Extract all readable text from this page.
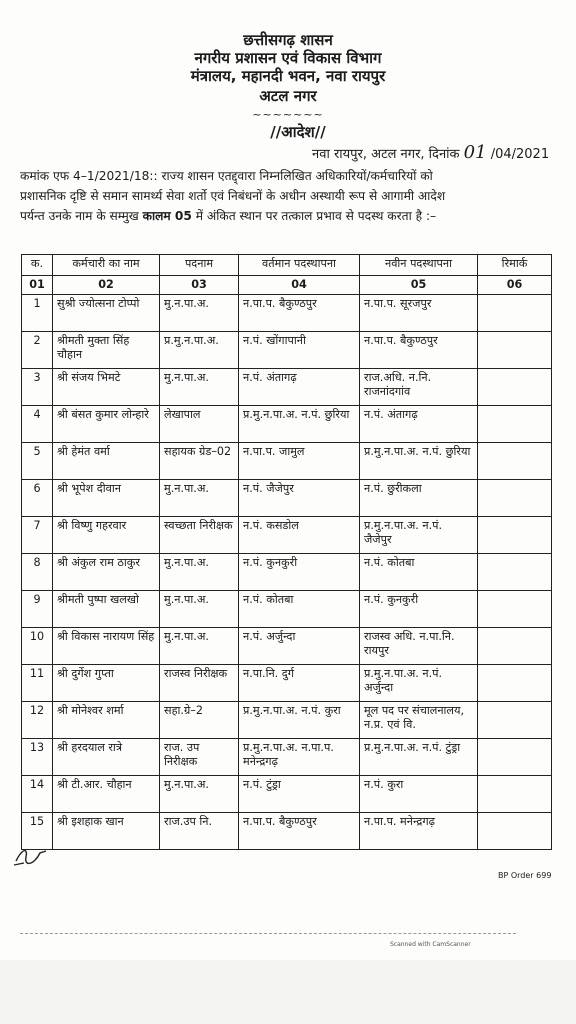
छत्तीसगढ़ शासन
नगरीय प्रशासन एवं विकास विभाग
मंत्रालय, महानदी भवन, नवा रायपुर
अटल नगर
~~~~~~~
//आदेश//
नवा रायपुर, अटल नगर, दिनांक 01 /04/2021
कमांक एफ 4–1/2021/18:: राज्य शासन एतद्द्वारा निम्नलिखित अधिकारियों/कर्मचारियों को
प्रशासनिक दृष्टि से समान सामर्थ्य सेवा शर्तो एवं निबंधनों के अधीन अस्थायी रूप से आगामी आदेश
पर्यन्त उनके नाम के सम्मुख कालम 05 में अंकित स्थान पर तत्काल प्रभाव से पदस्थ करता है :–
क.	कर्मचारी का नाम	पदनाम	वर्तमान पदस्थापना	नवीन पदस्थापना	रिमार्क
01	02	03	04	05	06
1	सुश्री ज्योत्सना टोप्पो	मु.न.पा.अ.	न.पा.प. बैकुण्ठपुर	न.पा.प. सूरजपुर	
2	श्रीमती मुक्ता सिंह चौहान	प्र.मु.न.पा.अ.	न.पं. खोंगापानी	न.पा.प. बैकुण्ठपुर	
3	श्री संजय भिमटे	मु.न.पा.अ.	न.पं. अंतागढ़	राज.अधि. न.नि. राजनांदगांव	
4	श्री बंसत कुमार लोन्हारे	लेखापाल	प्र.मु.न.पा.अ. न.पं. छुरिया	न.पं. अंतागढ़	
5	श्री हेमंत वर्मा	सहायक ग्रेड–02	न.पा.प. जामुल	प्र.मु.न.पा.अ. न.पं. छुरिया	
6	श्री भूपेश दीवान	मु.न.पा.अ.	न.पं. जैजेपुर	न.पं. छुरीकला	
7	श्री विष्णु गहरवार	स्वच्छता निरीक्षक	न.पं. कसडोल	प्र.मु.न.पा.अ. न.पं. जैजेपुर	
8	श्री अंकुल राम ठाकुर	मु.न.पा.अ.	न.पं. कुनकुरी	न.पं. कोतबा	
9	श्रीमती पुष्पा खलखो	मु.न.पा.अ.	न.पं. कोतबा	न.पं. कुनकुरी	
10	श्री विकास नारायण सिंह	मु.न.पा.अ.	न.पं. अर्जुन्दा	राजस्व अधि. न.पा.नि. रायपुर	
11	श्री दुर्गेश गुप्ता	राजस्व निरीक्षक	न.पा.नि. दुर्ग	प्र.मु.न.पा.अ. न.पं. अर्जुन्दा	
12	श्री मोनेश्वर शर्मा	सहा.ग्रे–2	प्र.मु.न.पा.अ. न.पं. कुरा	मूल पद पर संचालनालय, न.प्र. एवं वि.	
13	श्री हरदयाल रात्रे	राज. उप निरीक्षक	प्र.मु.न.पा.अ. न.पा.प. मनेन्द्रगढ़	प्र.मु.न.पा.अ. न.पं. टुंड्रा	
14	श्री टी.आर. चौहान	मु.न.पा.अ.	न.पं. टुंड्रा	न.पं. कुरा	
15	श्री इशहाक खान	राज.उप नि.	न.पा.प. बैकुण्ठपुर	न.पा.प. मनेन्द्रगढ़	
BP Order 699
Scanned with CamScanner
